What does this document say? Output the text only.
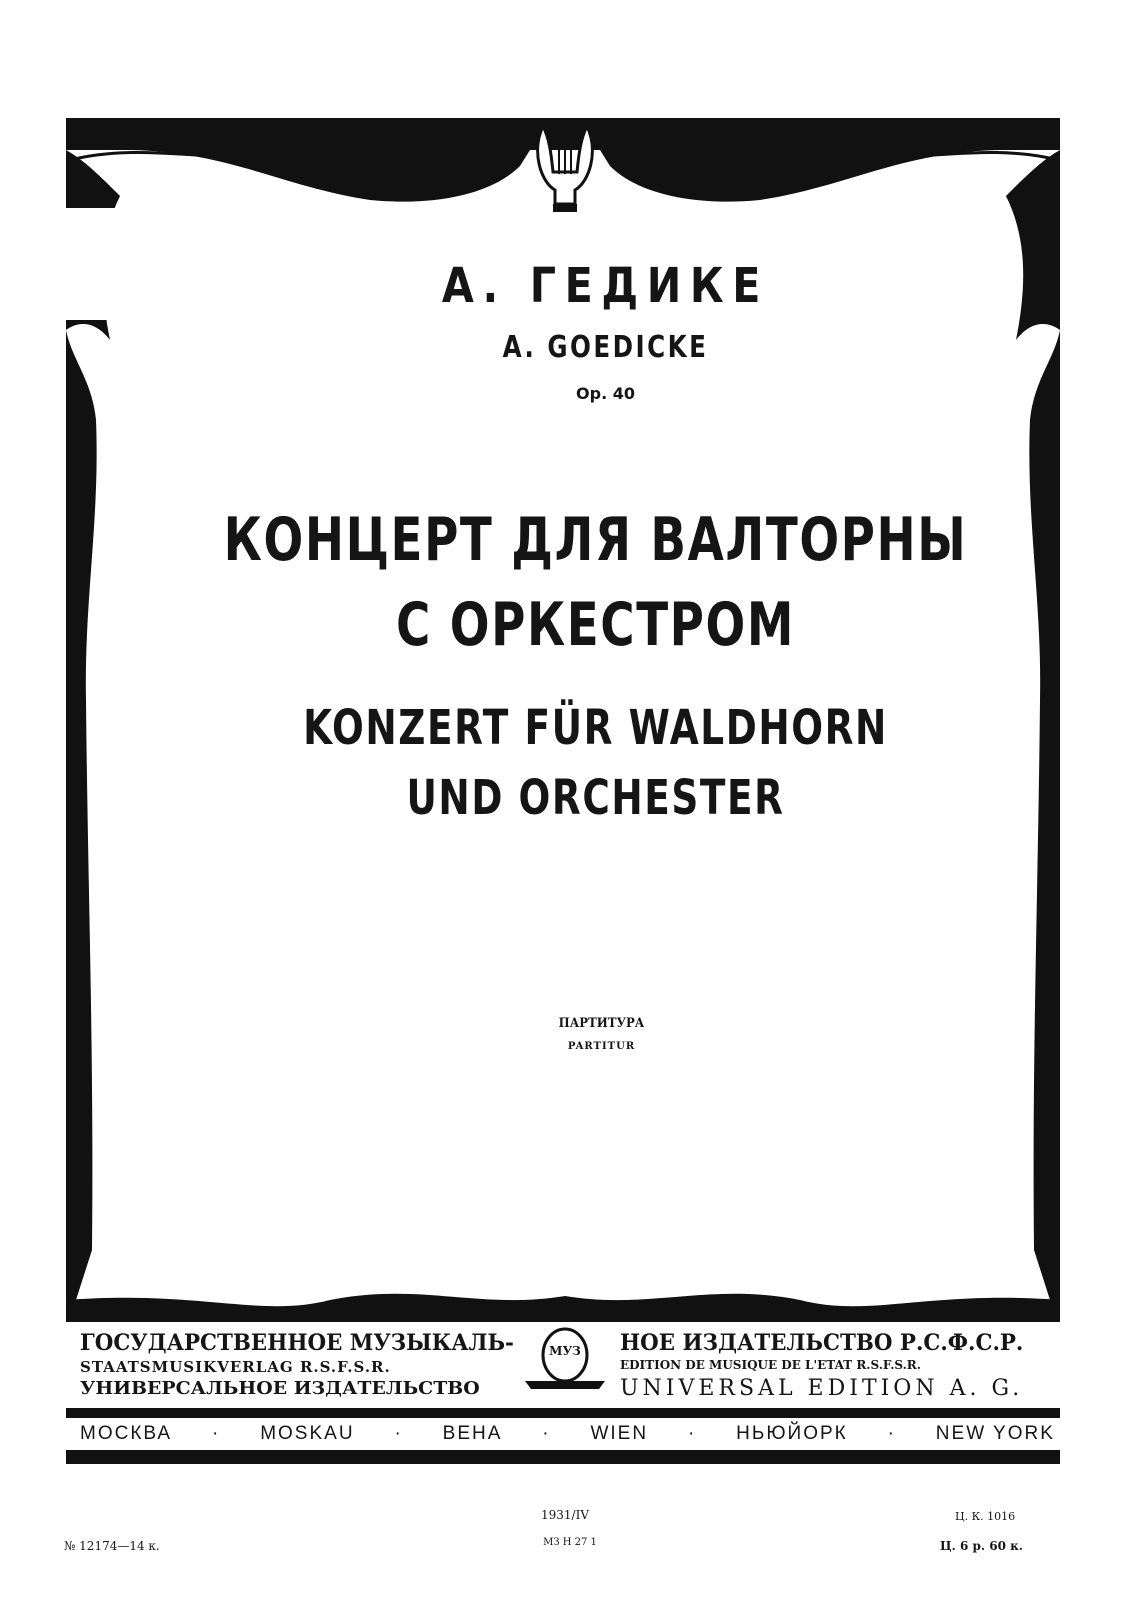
А. ГЕДИКЕ
A. GOEDICKE
Ор. 40
КОНЦЕРТ ДЛЯ ВАЛТОРНЫ
С ОРКЕСТРОМ
KONZERT FÜR WALDHORN
UND ORCHESTER
ПАРТИТУРА
PARTITUR
ГОСУДАРСТВЕННОЕ МУЗЫКАЛЬ-	НОЕ ИЗДАТЕЛЬСТВО Р.С.Ф.С.Р.
STAATSMUSIKVERLAG R.S.F.S.R.	EDITION DE MUSIQUE DE L'ETAT R.S.F.S.R.
УНИВЕРСАЛЬНОЕ ИЗДАТЕЛЬСТВО	UNIVERSAL EDITION A. G.
МУЗ
МОСКВА · MOSKAU · ВЕНА · WIEN · НЬЮЙОРК · NEW YORK
№ 12174—14 к.
1931/IV
МЗ Н 27 1
Ц. К. 1016
Ц. 6 р. 60 к.
